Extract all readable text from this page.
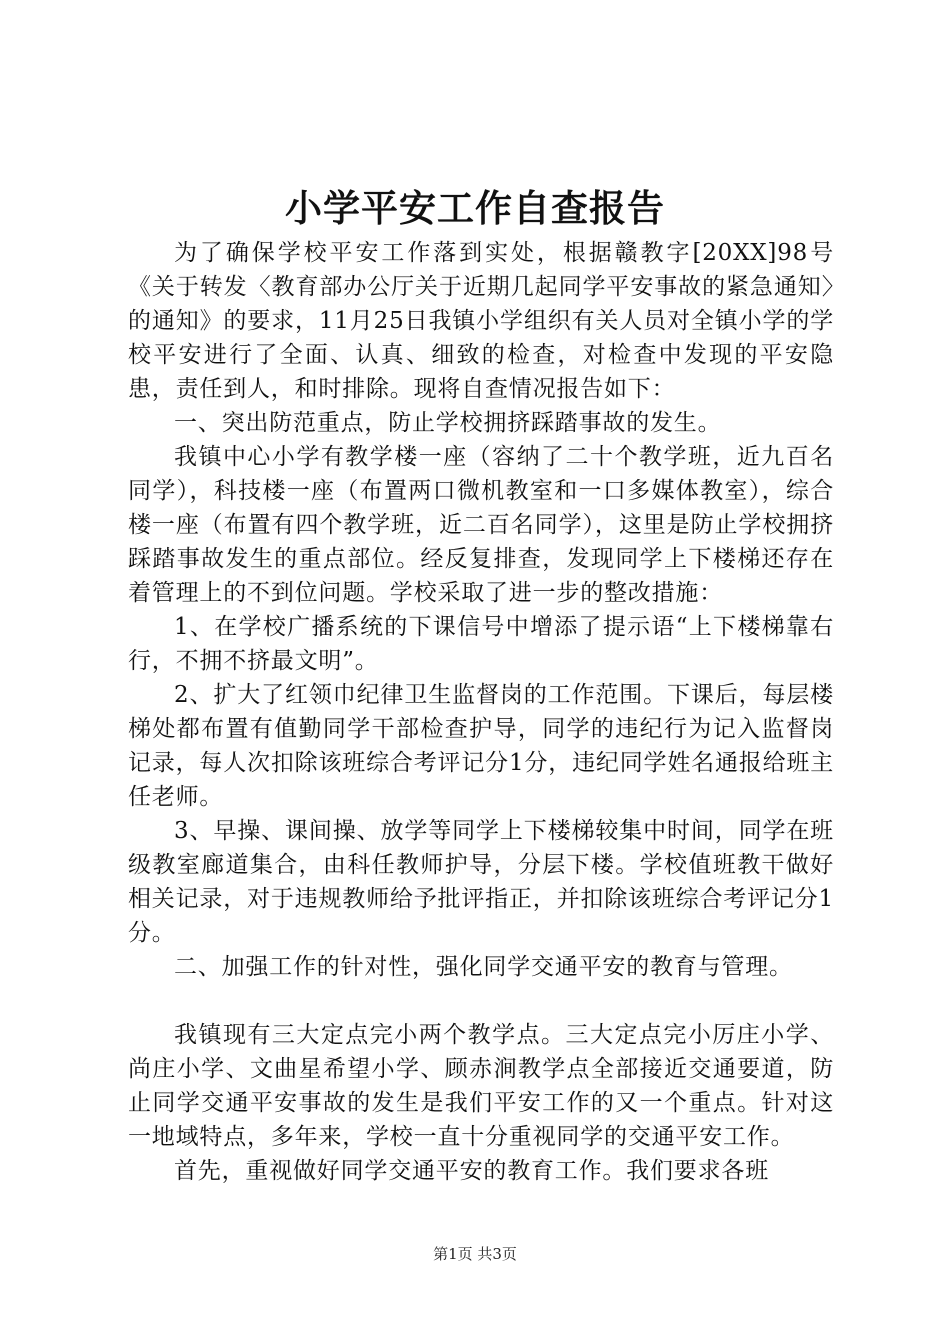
小学平安工作自查报告

为了确保学校平安工作落到实处，根据赣教字[20XX]98号《关于转发〈教育部办公厅关于近期几起同学平安事故的紧急通知〉的通知》的要求，11月25日我镇小学组织有关人员对全镇小学的学校平安进行了全面、认真、细致的检查，对检查中发现的平安隐患，责任到人，和时排除。现将自查情况报告如下：

一、突出防范重点，防止学校拥挤踩踏事故的发生。

我镇中心小学有教学楼一座（容纳了二十个教学班，近九百名同学），科技楼一座（布置两口微机教室和一口多媒体教室），综合楼一座（布置有四个教学班，近二百名同学），这里是防止学校拥挤踩踏事故发生的重点部位。经反复排查，发现同学上下楼梯还存在着管理上的不到位问题。学校采取了进一步的整改措施：

1、在学校广播系统的下课信号中增添了提示语“上下楼梯靠右行，不拥不挤最文明”。

2、扩大了红领巾纪律卫生监督岗的工作范围。下课后，每层楼梯处都布置有值勤同学干部检查护导，同学的违纪行为记入监督岗记录，每人次扣除该班综合考评记分1分，违纪同学姓名通报给班主任老师。

3、早操、课间操、放学等同学上下楼梯较集中时间，同学在班级教室廊道集合，由科任教师护导，分层下楼。学校值班教干做好相关记录，对于违规教师给予批评指正，并扣除该班综合考评记分1分。

二、加强工作的针对性，强化同学交通平安的教育与管理。

我镇现有三大定点完小两个教学点。三大定点完小厉庄小学、尚庄小学、文曲星希望小学、顾赤涧教学点全部接近交通要道，防止同学交通平安事故的发生是我们平安工作的又一个重点。针对这一地域特点，多年来，学校一直十分重视同学的交通平安工作。

首先，重视做好同学交通平安的教育工作。我们要求各班

第1页 共3页
